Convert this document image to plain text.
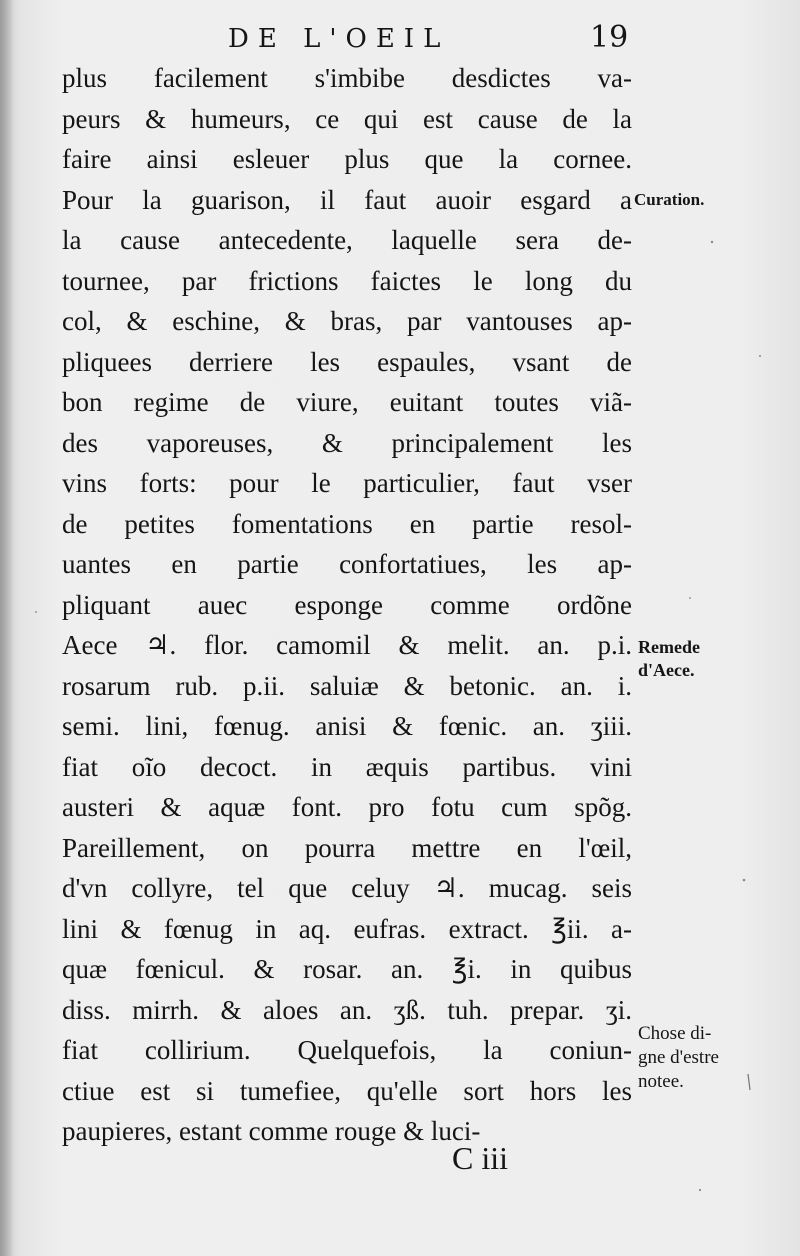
DE L'OEIL	19
plus facilement s'imbibe desdictes va-
peurs & humeurs, ce qui est cause de la
faire ainsi esleuer plus que la cornee.
Pour la guarison, il faut auoir esgard a
la cause antecedente, laquelle sera de-
tournee, par frictions faictes le long du
col, & eschine, & bras, par vantouses ap-
pliquees derriere les espaules, vsant de
bon regime de viure, euitant toutes viã-
des vaporeuses, & principalement les
vins forts: pour le particulier, faut vser
de petites fomentations en partie resol-
uantes en partie confortatiues, les ap-
pliquant auec esponge comme ordõne
Aece ♃. flor. camomil & melit. an. p.i.
rosarum rub. p.ii. saluiæ & betonic. an. i.
semi. lini, fœnug. anisi & fœnic. an. ʒiii.
fiat oĩo decoct. in æquis partibus. vini
austeri & aquæ font. pro fotu cum spõg.
Pareillement, on pourra mettre en l'œil,
d'vn collyre, tel que celuy ♃. mucag. seis
lini & fœnug in aq. eufras. extract. ℥ii. a-
quæ fœnicul. & rosar. an. ℥i. in quibus
diss. mirrh. & aloes an. ʒß. tuh. prepar. ʒi.
fiat collirium. Quelquefois, la coniun-
ctiue est si tumefiee, qu'elle sort hors les
paupieres, estant comme rouge & luci-
Curation.
Remede
d'Aece.
Chose di-
gne d'estre
notee.
C iii
